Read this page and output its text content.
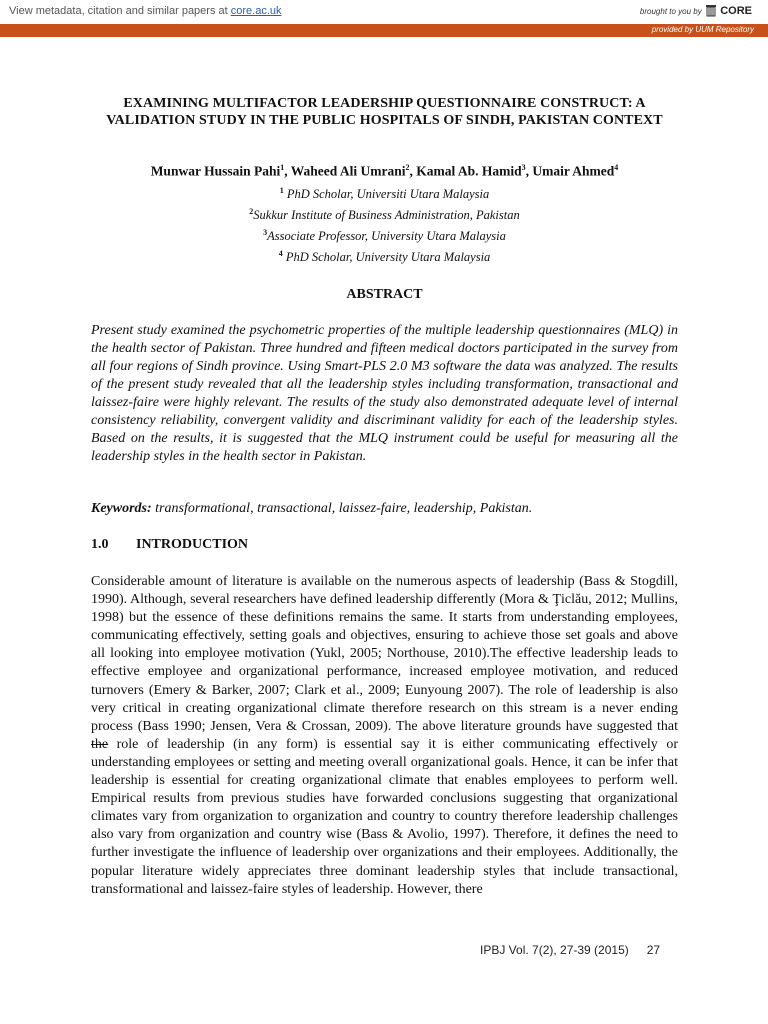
View metadata, citation and similar papers at core.ac.uk	brought to you by CORE
provided by UUM Repository
EXAMINING MULTIFACTOR LEADERSHIP QUESTIONNAIRE CONSTRUCT: A VALIDATION STUDY IN THE PUBLIC HOSPITALS OF SINDH, PAKISTAN CONTEXT
Munwar Hussain Pahi$^1$, Waheed Ali Umrani$^2$, Kamal Ab. Hamid$^3$, Umair Ahmed$^4$
$^1$ PhD Scholar, Universiti Utara Malaysia
$^2$Sukkur Institute of Business Administration, Pakistan
$^3$Associate Professor, University Utara Malaysia
$^4$ PhD Scholar, University Utara Malaysia
ABSTRACT
Present study examined the psychometric properties of the multiple leadership questionnaires (MLQ) in the health sector of Pakistan. Three hundred and fifteen medical doctors participated in the survey from all four regions of Sindh province. Using Smart-PLS 2.0 M3 software the data was analyzed. The results of the present study revealed that all the leadership styles including transformation, transactional and laissez-faire were highly relevant. The results of the study also demonstrated adequate level of internal consistency reliability, convergent validity and discriminant validity for each of the leadership styles. Based on the results, it is suggested that the MLQ instrument could be useful for measuring all the leadership styles in the health sector in Pakistan.
Keywords: transformational, transactional, laissez-faire, leadership, Pakistan.
1.0 INTRODUCTION
Considerable amount of literature is available on the numerous aspects of leadership (Bass & Stogdill, 1990). Although, several researchers have defined leadership differently (Mora & Ţiclău, 2012; Mullins, 1998) but the essence of these definitions remains the same. It starts from understanding employees, communicating effectively, setting goals and objectives, ensuring to achieve those set goals and above all looking into employee motivation (Yukl, 2005; Northouse, 2010).The effective leadership leads to effective employee and organizational performance, increased employee motivation, and reduced turnovers (Emery & Barker, 2007; Clark et al., 2009; Eunyoung 2007). The role of leadership is also very critical in creating organizational climate therefore research on this stream is a never ending process (Bass 1990; Jensen, Vera & Crossan, 2009). The above literature grounds have suggested that the role of leadership (in any form) is essential say it is either communicating effectively or understanding employees or setting and meeting overall organizational goals. Hence, it can be infer that leadership is essential for creating organizational climate that enables employees to perform well. Empirical results from previous studies have forwarded conclusions suggesting that organizational climates vary from organization to organization and country to country therefore leadership challenges also vary from organization and country wise (Bass & Avolio, 1997). Therefore, it defines the need to further investigate the influence of leadership over organizations and their employees. Additionally, the popular literature widely appreciates three dominant leadership styles that include transactional, transformational and laissez-faire styles of leadership. However, there
IPBJ Vol. 7(2), 27-39 (2015) 27
